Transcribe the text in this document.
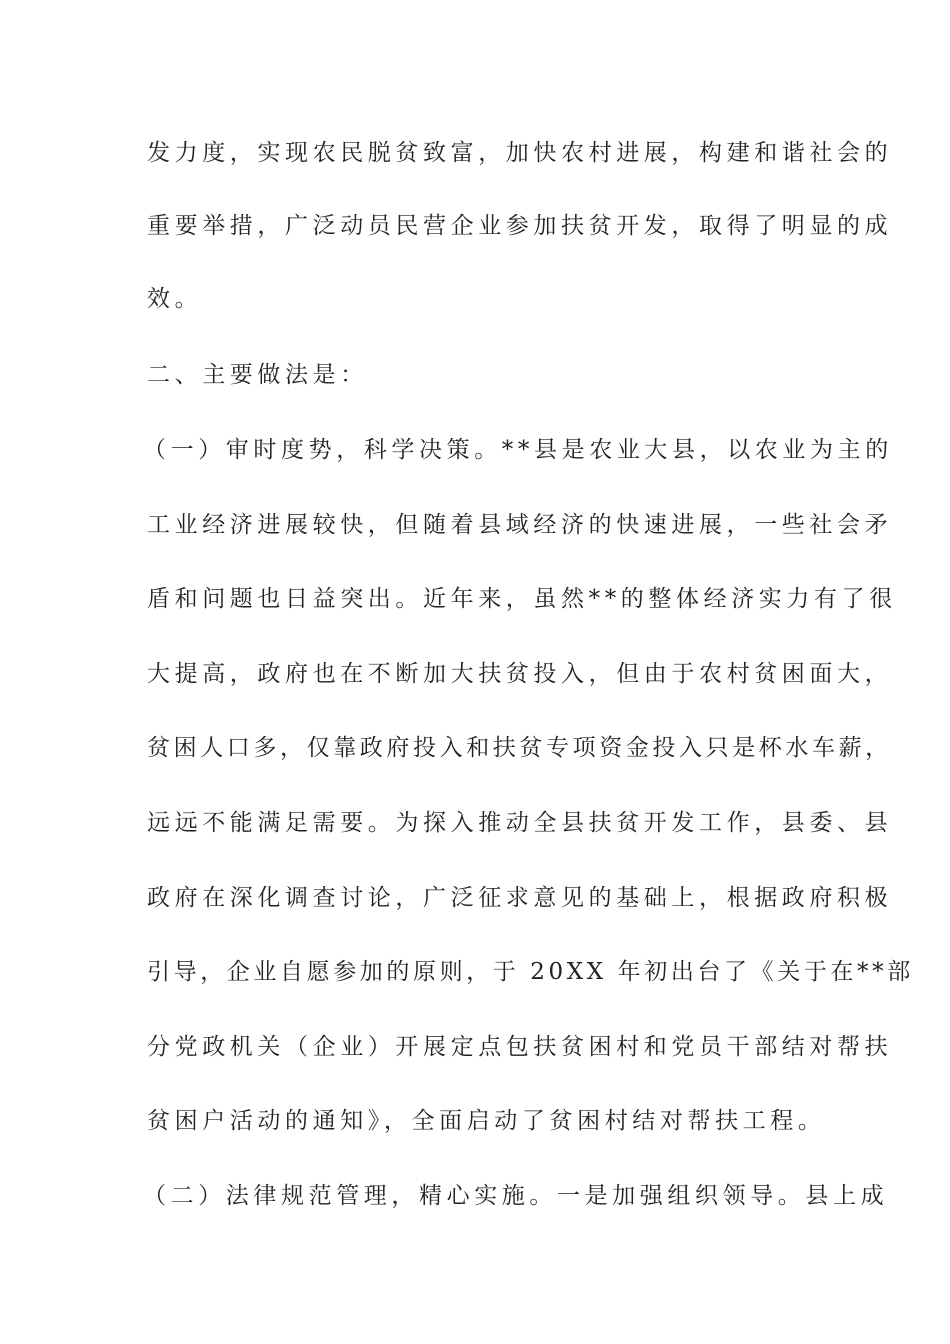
发力度，实现农民脱贫致富，加快农村进展，构建和谐社会的
重要举措，广泛动员民营企业参加扶贫开发，取得了明显的成
效。
二、主要做法是：
（一）审时度势，科学决策。**县是农业大县，以农业为主的
工业经济进展较快，但随着县域经济的快速进展，一些社会矛
盾和问题也日益突出。近年来，虽然**的整体经济实力有了很
大提高，政府也在不断加大扶贫投入，但由于农村贫困面大，
贫困人口多，仅靠政府投入和扶贫专项资金投入只是杯水车薪，
远远不能满足需要。为探入推动全县扶贫开发工作，县委、县
政府在深化调查讨论，广泛征求意见的基础上，根据政府积极
引导，企业自愿参加的原则，于 20XX 年初出台了《关于在**部
分党政机关（企业）开展定点包扶贫困村和党员干部结对帮扶
贫困户活动的通知》，全面启动了贫困村结对帮扶工程。
（二）法律规范管理，精心实施。一是加强组织领导。县上成
